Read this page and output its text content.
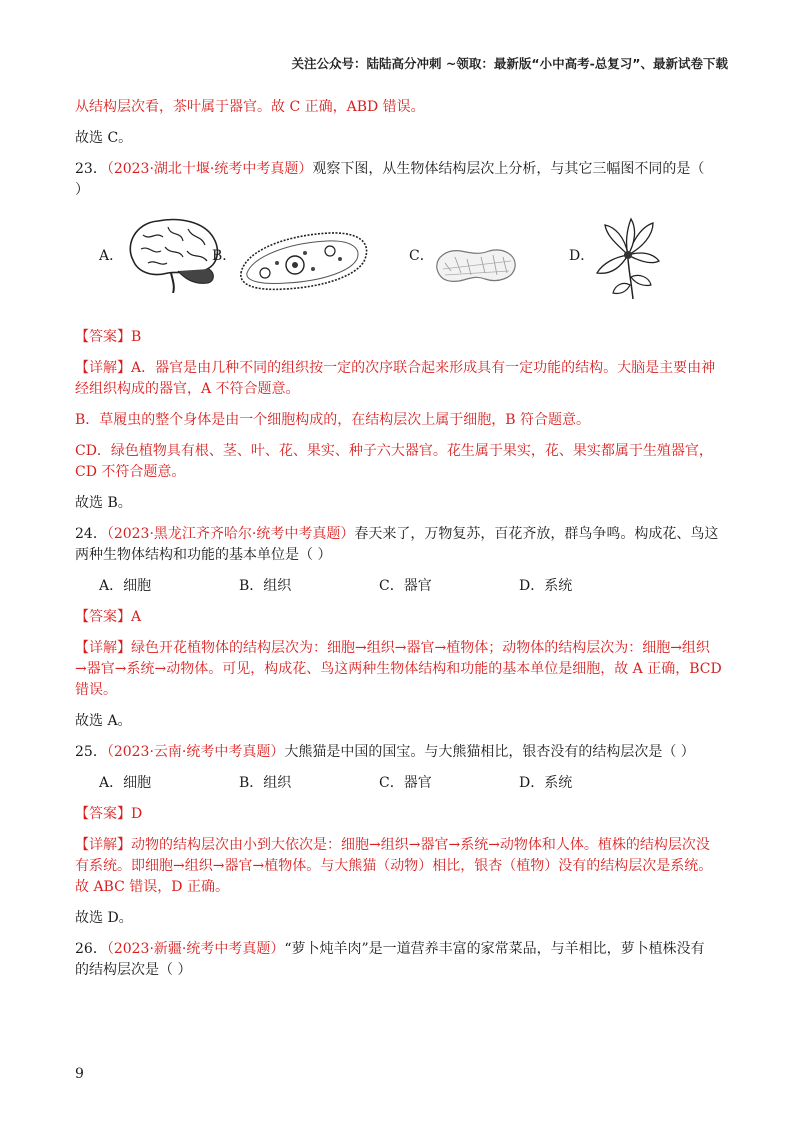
关注公众号：陆陆高分冲刺 ~领取：最新版“小中高考-总复习”、最新试卷下载

从结构层次看，茶叶属于器官。故 C 正确，ABD 错误。

故选 C。

23．（2023·湖北十堰·统考中考真题）观察下图，从生物体结构层次上分析，与其它三幅图不同的是（
）

A．	B．	C．	D．

【答案】B

【详解】A．器官是由几种不同的组织按一定的次序联合起来形成具有一定功能的结构。大脑是主要由神
经组织构成的器官，A 不符合题意。

B．草履虫的整个身体是由一个细胞构成的，在结构层次上属于细胞，B 符合题意。

CD．绿色植物具有根、茎、叶、花、果实、种子六大器官。花生属于果实，花、果实都属于生殖器官，
CD 不符合题意。

故选 B。

24．（2023·黑龙江齐齐哈尔·统考中考真题）春天来了，万物复苏，百花齐放，群鸟争鸣。构成花、鸟这
两种生物体结构和功能的基本单位是（ ）

A．细胞	B．组织	C．器官	D．系统

【答案】A

【详解】绿色开花植物体的结构层次为：细胞→组织→器官→植物体；动物体的结构层次为：细胞→组织
→器官→系统→动物体。可见，构成花、鸟这两种生物体结构和功能的基本单位是细胞，故 A 正确，BCD
错误。

故选 A。

25．（2023·云南·统考中考真题）大熊猫是中国的国宝。与大熊猫相比，银杏没有的结构层次是（ ）

A．细胞	B．组织	C．器官	D．系统

【答案】D

【详解】动物的结构层次由小到大依次是：细胞→组织→器官→系统→动物体和人体。植株的结构层次没
有系统。即细胞→组织→器官→植物体。与大熊猫（动物）相比，银杏（植物）没有的结构层次是系统。
故 ABC 错误，D 正确。

故选 D。

26．（2023·新疆·统考中考真题）“萝卜炖羊肉”是一道营养丰富的家常菜品，与羊相比，萝卜植株没有
的结构层次是（ ）

9
